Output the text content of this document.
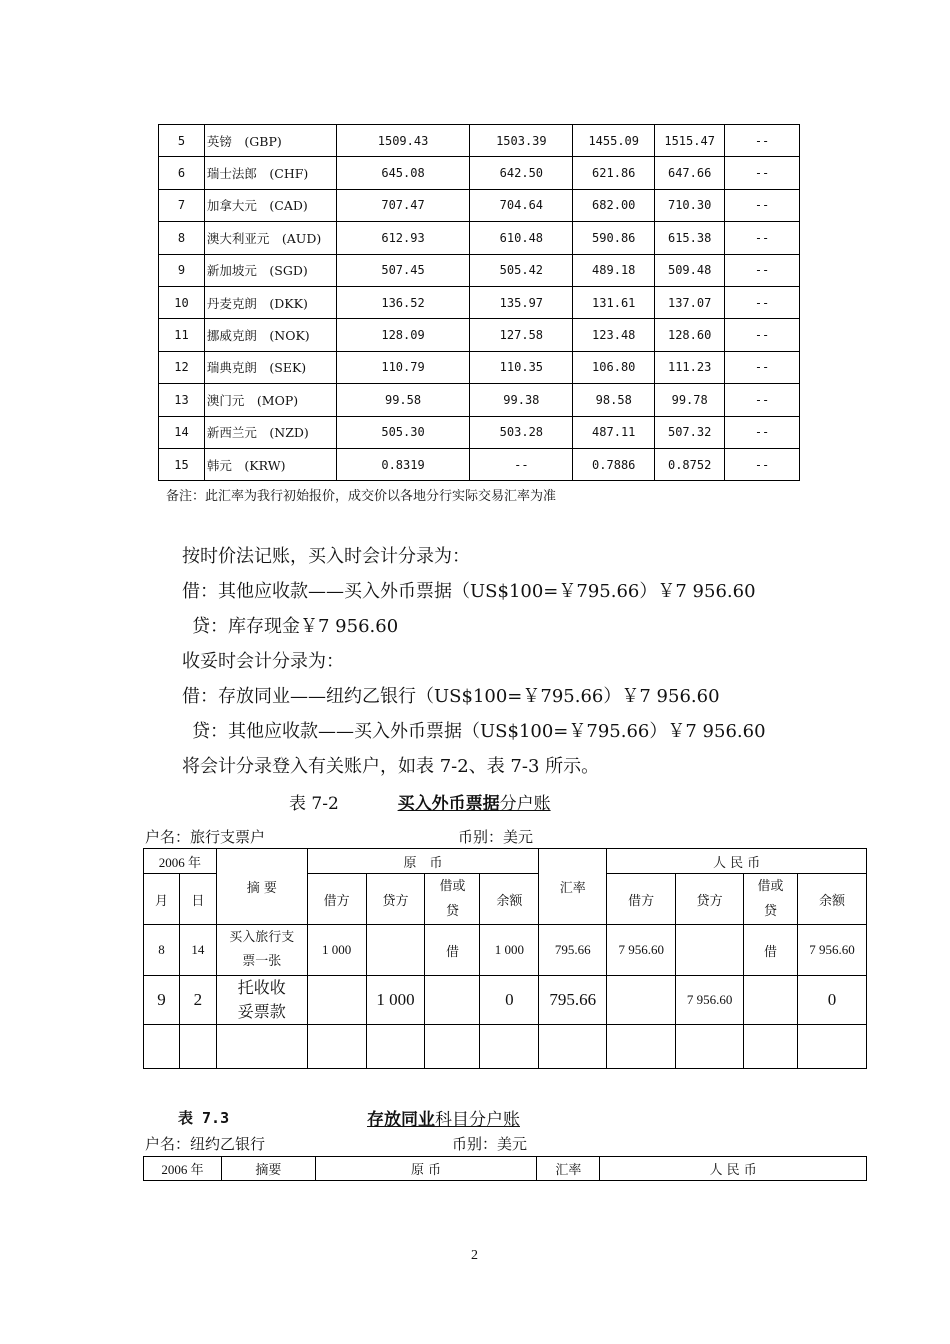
5	英镑　(GBP)	1509.43	1503.39	1455.09	1515.47	--
6	瑞士法郎　(CHF)	645.08	642.50	621.86	647.66	--
7	加拿大元　(CAD)	707.47	704.64	682.00	710.30	--
8	澳大利亚元　(AUD)	612.93	610.48	590.86	615.38	--
9	新加坡元　(SGD)	507.45	505.42	489.18	509.48	--
10	丹麦克朗　(DKK)	136.52	135.97	131.61	137.07	--
11	挪威克朗　(NOK)	128.09	127.58	123.48	128.60	--
12	瑞典克朗　(SEK)	110.79	110.35	106.80	111.23	--
13	澳门元　(MOP)	99.58	99.38	98.58	99.78	--
14	新西兰元　(NZD)	505.30	503.28	487.11	507.32	--
15	韩元　(KRW)	0.8319	--	0.7886	0.8752	--
备注：此汇率为我行初始报价，成交价以各地分行实际交易汇率为准
按时价法记账，买入时会计分录为：
借：其他应收款——买入外币票据（US$100=￥795.66）￥7 956.60
贷：库存现金￥7 956.60
收妥时会计分录为：
借：存放同业——纽约乙银行（US$100=￥795.66）￥7 956.60
贷：其他应收款——买入外币票据（US$100=￥795.66）￥7 956.60
将会计分录登入有关账户，如表 7-2、表 7-3 所示。
表 7-2	买入外币票据分户账
户名：旅行支票户	币别：美元
2006 年		摘 要	原　币				汇率	人 民 币			
月	日		借方	贷方	借或贷	余额		借方	贷方	借或贷	余额
8	14	买入旅行支票一张	1 000		借	1 000	795.66	7 956.60		借	7 956.60
9	2	托收收妥票款		1 000		0	795.66		7 956.60		0

表 7.3	存放同业科目分户账
户名：纽约乙银行	币别：美元
2006 年	摘要	原 币	汇率	人 民 币
2
